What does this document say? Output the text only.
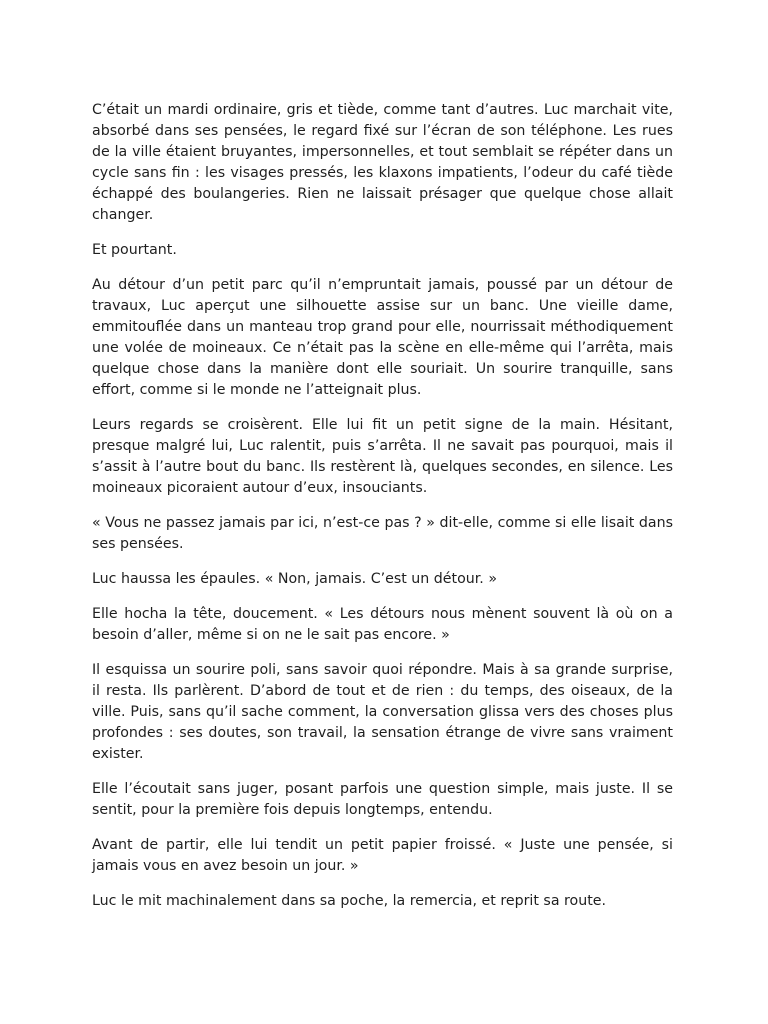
C’était un mardi ordinaire, gris et tiède, comme tant d’autres. Luc marchait vite, absorbé dans ses pensées, le regard fixé sur l’écran de son téléphone. Les rues de la ville étaient bruyantes, impersonnelles, et tout semblait se répéter dans un cycle sans fin : les visages pressés, les klaxons impatients, l’odeur du café tiède échappé des boulangeries. Rien ne laissait présager que quelque chose allait changer.

Et pourtant.

Au détour d’un petit parc qu’il n’empruntait jamais, poussé par un détour de travaux, Luc aperçut une silhouette assise sur un banc. Une vieille dame, emmitouflée dans un manteau trop grand pour elle, nourrissait méthodiquement une volée de moineaux. Ce n’était pas la scène en elle-même qui l’arrêta, mais quelque chose dans la manière dont elle souriait. Un sourire tranquille, sans effort, comme si le monde ne l’atteignait plus.

Leurs regards se croisèrent. Elle lui fit un petit signe de la main. Hésitant, presque malgré lui, Luc ralentit, puis s’arrêta. Il ne savait pas pourquoi, mais il s’assit à l’autre bout du banc. Ils restèrent là, quelques secondes, en silence. Les moineaux picoraient autour d’eux, insouciants.

« Vous ne passez jamais par ici, n’est-ce pas ? » dit-elle, comme si elle lisait dans ses pensées.

Luc haussa les épaules. « Non, jamais. C’est un détour. »

Elle hocha la tête, doucement. « Les détours nous mènent souvent là où on a besoin d’aller, même si on ne le sait pas encore. »

Il esquissa un sourire poli, sans savoir quoi répondre. Mais à sa grande surprise, il resta. Ils parlèrent. D’abord de tout et de rien : du temps, des oiseaux, de la ville. Puis, sans qu’il sache comment, la conversation glissa vers des choses plus profondes : ses doutes, son travail, la sensation étrange de vivre sans vraiment exister.

Elle l’écoutait sans juger, posant parfois une question simple, mais juste. Il se sentit, pour la première fois depuis longtemps, entendu.

Avant de partir, elle lui tendit un petit papier froissé. « Juste une pensée, si jamais vous en avez besoin un jour. »

Luc le mit machinalement dans sa poche, la remercia, et reprit sa route.
